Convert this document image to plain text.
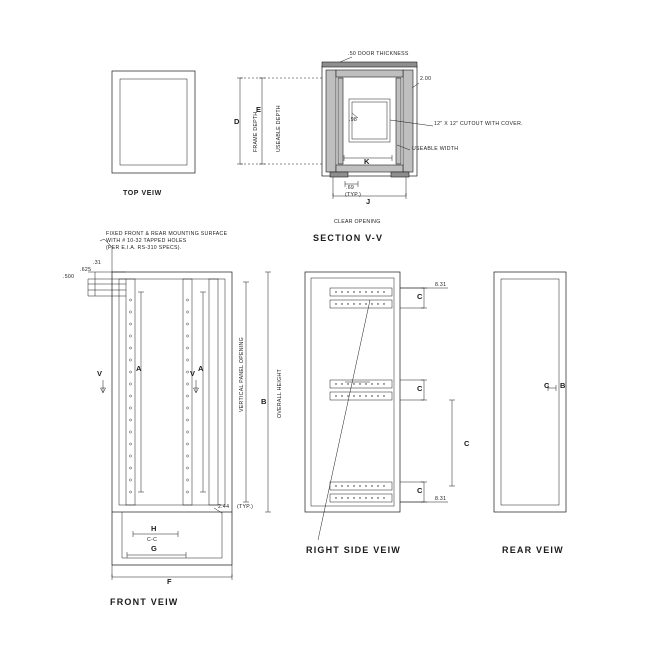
TOP VEIW
.50 DOOR THICKNESS
2.00
12" X 12" CUTOUT WITH COVER.
USEABLE WIDTH
.98
FRAME DEPTH	USEABLE DEPTH
D
E
K
J
.69
(TYP.)
CLEAR OPENING
SECTION V-V
FIXED FRONT & REAR MOUNTING SURFACE
WITH # 10-32 TAPPED HOLES
(PER E.I.A. RS-310 SPECS).
.31
.625
.500
A	A	VERTICAL PANEL OPENING	OVERALL HEIGHT
B
V	V
2.44 (TYP.)
H
C-C
G
F
FRONT VEIW
8.31
8.31
C
C
C
C
RIGHT SIDE VEIW
C B
REAR VEIW
